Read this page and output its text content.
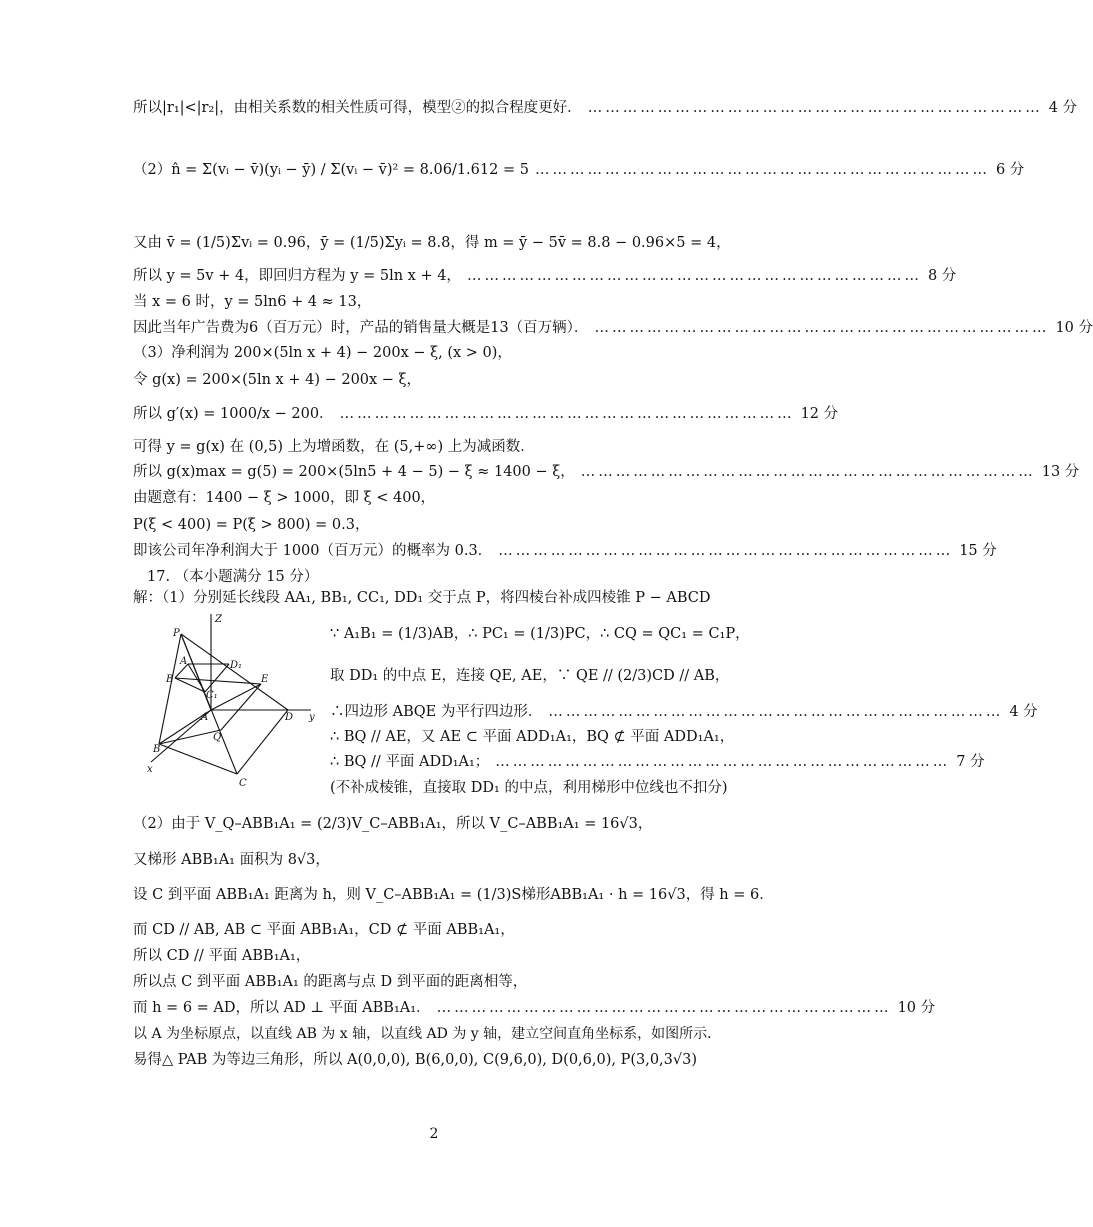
所以|r₁|<|r₂|，由相关系数的相关性质可得，模型②的拟合程度更好． …………………………………………………………………… 4 分
（2）n̂ = Σ(vᵢ − v̄)(yᵢ − ȳ) / Σ(vᵢ − v̄)² = 8.06/1.612 = 5 …………………………………………………………………… 6 分
又由 v̄ = (1/5)Σvᵢ = 0.96，ȳ = (1/5)Σyᵢ = 8.8，得 m = ȳ − 5v̄ = 8.8 − 0.96×5 = 4，
所以 y = 5v + 4，即回归方程为 y = 5ln x + 4， …………………………………………………………………… 8 分
当 x = 6 时，y = 5ln6 + 4 ≈ 13，
因此当年广告费为6（百万元）时，产品的销售量大概是13（百万辆）． …………………………………………………………………… 10 分
（3）净利润为 200×(5ln x + 4) − 200x − ξ, (x > 0)，
令 g(x) = 200×(5ln x + 4) − 200x − ξ，
所以 g′(x) = 1000/x − 200． …………………………………………………………………… 12 分
可得 y = g(x) 在 (0,5) 上为增函数，在 (5,+∞) 上为减函数．
所以 g(x)max = g(5) = 200×(5ln5 + 4 − 5) − ξ ≈ 1400 − ξ， …………………………………………………………………… 13 分
由题意有：1400 − ξ > 1000，即 ξ < 400，
P(ξ < 400) = P(ξ > 800) = 0.3，
即该公司年净利润大于 1000（百万元）的概率为 0.3． …………………………………………………………………… 15 分
17. （本小题满分 15 分）
解：（1）分别延长线段 AA₁, BB₁, CC₁, DD₁ 交于点 P，将四棱台补成四棱锥 P − ABCD
Z
P
A	D₁
B
C₁
E
A	D y
Q
B
x
C
∵ A₁B₁ = (1/3)AB，∴ PC₁ = (1/3)PC，∴ CQ = QC₁ = C₁P，
取 DD₁ 的中点 E，连接 QE, AE，∵ QE // (2/3)CD // AB，
∴四边形 ABQE 为平行四边形． …………………………………………………………………… 4 分
∴ BQ // AE，又 AE ⊂ 平面 ADD₁A₁，BQ ⊄ 平面 ADD₁A₁，
∴ BQ // 平面 ADD₁A₁； …………………………………………………………………… 7 分
(不补成棱锥，直接取 DD₁ 的中点，利用梯形中位线也不扣分)
（2）由于 V_Q–ABB₁A₁ = (2/3)V_C–ABB₁A₁，所以 V_C–ABB₁A₁ = 16√3，
又梯形 ABB₁A₁ 面积为 8√3，
设 C 到平面 ABB₁A₁ 距离为 h，则 V_C–ABB₁A₁ = (1/3)S梯形ABB₁A₁ · h = 16√3，得 h = 6．
而 CD // AB, AB ⊂ 平面 ABB₁A₁，CD ⊄ 平面 ABB₁A₁，
所以 CD // 平面 ABB₁A₁，
所以点 C 到平面 ABB₁A₁ 的距离与点 D 到平面的距离相等，
而 h = 6 = AD，所以 AD ⊥ 平面 ABB₁A₁． …………………………………………………………………… 10 分
以 A 为坐标原点，以直线 AB 为 x 轴，以直线 AD 为 y 轴，建立空间直角坐标系，如图所示．
易得△ PAB 为等边三角形，所以 A(0,0,0), B(6,0,0), C(9,6,0), D(0,6,0), P(3,0,3√3)
2
